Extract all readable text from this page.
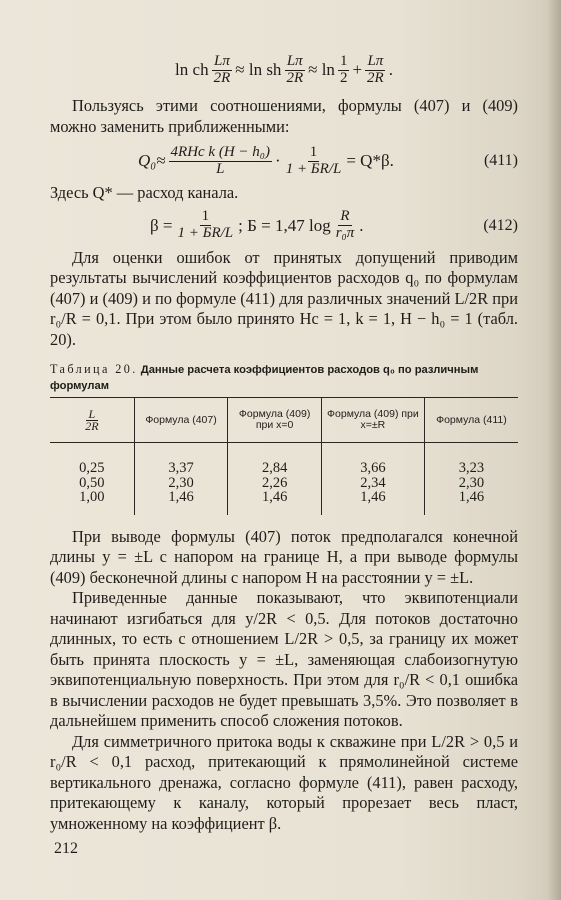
ln ch $\frac{L\pi}{2R}$ ≈
ln sh $\frac{L\pi}{2R}$ ≈
$\ln \frac{1}{2} + \frac{L\pi}{2R}$ .

Пользуясь этими соотношениями, формулы (407) и (409) можно заменить приближенными:

$Q_0\approx \frac{\text{4RHc k (H − h₀)}}{L} \cdot \frac{1}{1 + БR/L} = Q*\beta$.	(411)

Здесь Q* — расход канала.

$\beta = \frac{1}{1 + БR/L}$ ; Б = 1,47 $\log \frac{R}{\text{r₀π}}$ .	(412)

Для оценки ошибок от принятых допущений приводим результаты вычислений коэффициентов расходов q₀ по формулам (407) и (409) и по формуле (411) для различных значений L/2R при r₀/R = 0,1. При этом было принято Hc = 1, k = 1, H − h₀ = 1 (табл. 20).

Таблица 20. Данные расчета коэффициентов расходов q₀ по различным формулам
$\frac{L}{2R}$	Формула (407)	Формула (409) при x=0	Формула (409) при x=±R	Формула (411)
0,25	3,37	2,84	3,66	3,23
0,50	2,30	2,26	2,34	2,30
1,00	1,46	1,46	1,46	1,46

При выводе формулы (407) поток предполагался конечной длины y = ±L с напором на границе H, а при выводе формулы (409) бесконечной длины с напором H на расстоянии y = ±L.

Приведенные данные показывают, что эквипотенциали начинают изгибаться для y/2R < 0,5. Для потоков достаточно длинных, то есть с отношением L/2R > 0,5, за границу их может быть принята плоскость y = ±L, заменяющая слабоизогнутую эквипотенциальную поверхность. При этом для r₀/R < 0,1 ошибка в вычислении расходов не будет превышать 3,5%. Это позволяет в дальнейшем применить способ сложения потоков.

Для симметричного притока воды к скважине при L/2R > 0,5 и r₀/R < 0,1 расход, притекающий к прямолинейной системе вертикального дренажа, согласно формуле (411), равен расходу, притекающему к каналу, который прорезает весь пласт, умноженному на коэффициент β.

212
